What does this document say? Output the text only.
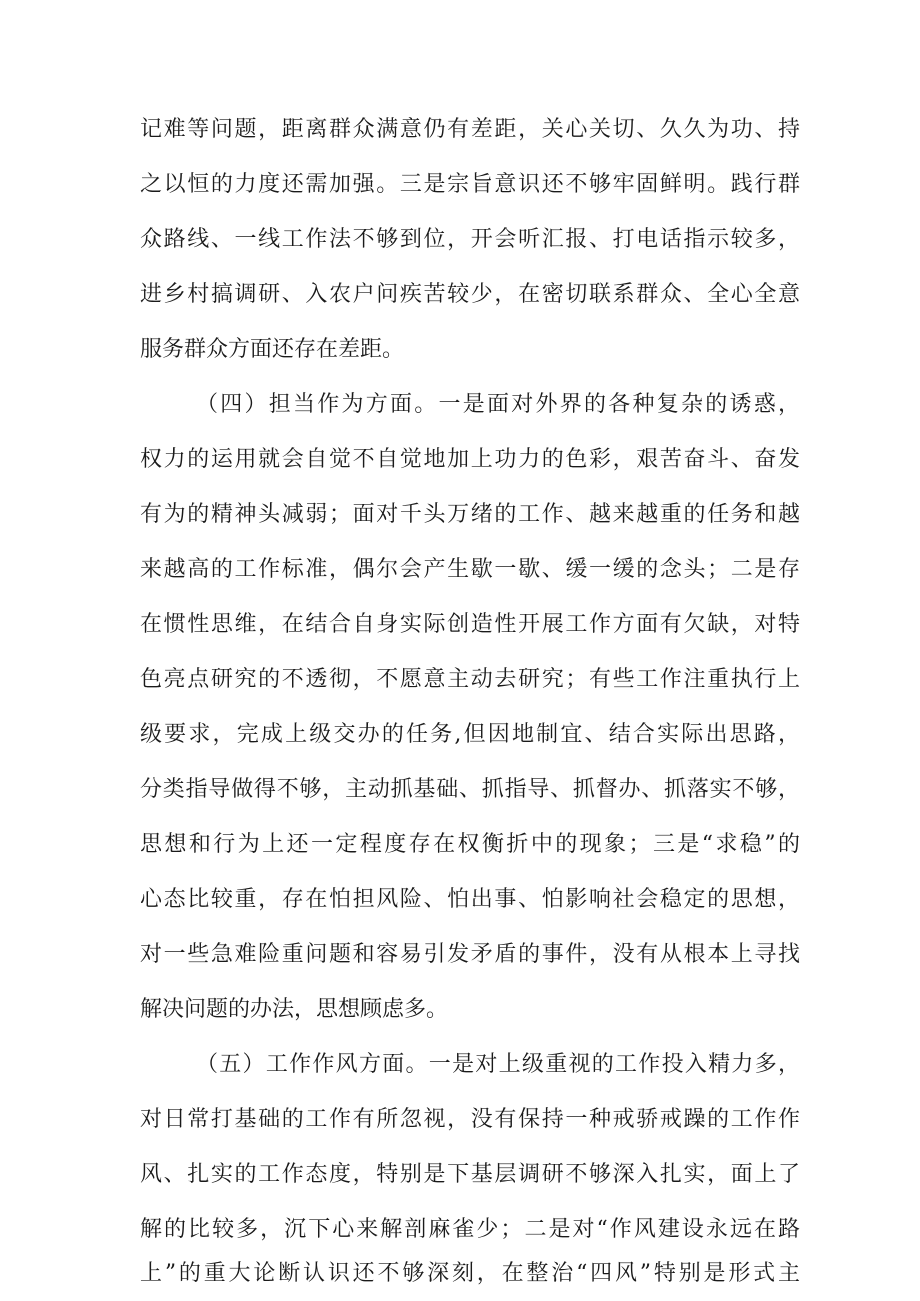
记难等问题，距离群众满意仍有差距，关心关切、久久为功、持
之以恒的力度还需加强。三是宗旨意识还不够牢固鲜明。践行群
众路线、一线工作法不够到位，开会听汇报、打电话指示较多，
进乡村搞调研、入农户问疾苦较少，在密切联系群众、全心全意
服务群众方面还存在差距。
（四）担当作为方面。一是面对外界的各种复杂的诱惑，
权力的运用就会自觉不自觉地加上功力的色彩，艰苦奋斗、奋发
有为的精神头减弱；面对千头万绪的工作、越来越重的任务和越
来越高的工作标准，偶尔会产生歇一歇、缓一缓的念头；二是存
在惯性思维，在结合自身实际创造性开展工作方面有欠缺，对特
色亮点研究的不透彻，不愿意主动去研究；有些工作注重执行上
级要求，完成上级交办的任务,但因地制宜、结合实际出思路，
分类指导做得不够，主动抓基础、抓指导、抓督办、抓落实不够，
思想和行为上还一定程度存在权衡折中的现象；三是“求稳”的
心态比较重，存在怕担风险、怕出事、怕影响社会稳定的思想，
对一些急难险重问题和容易引发矛盾的事件，没有从根本上寻找
解决问题的办法，思想顾虑多。
（五）工作作风方面。一是对上级重视的工作投入精力多，
对日常打基础的工作有所忽视，没有保持一种戒骄戒躁的工作作
风、扎实的工作态度，特别是下基层调研不够深入扎实，面上了
解的比较多，沉下心来解剖麻雀少；二是对“作风建设永远在路
上”的重大论断认识还不够深刻，在整治“四风”特别是形式主
